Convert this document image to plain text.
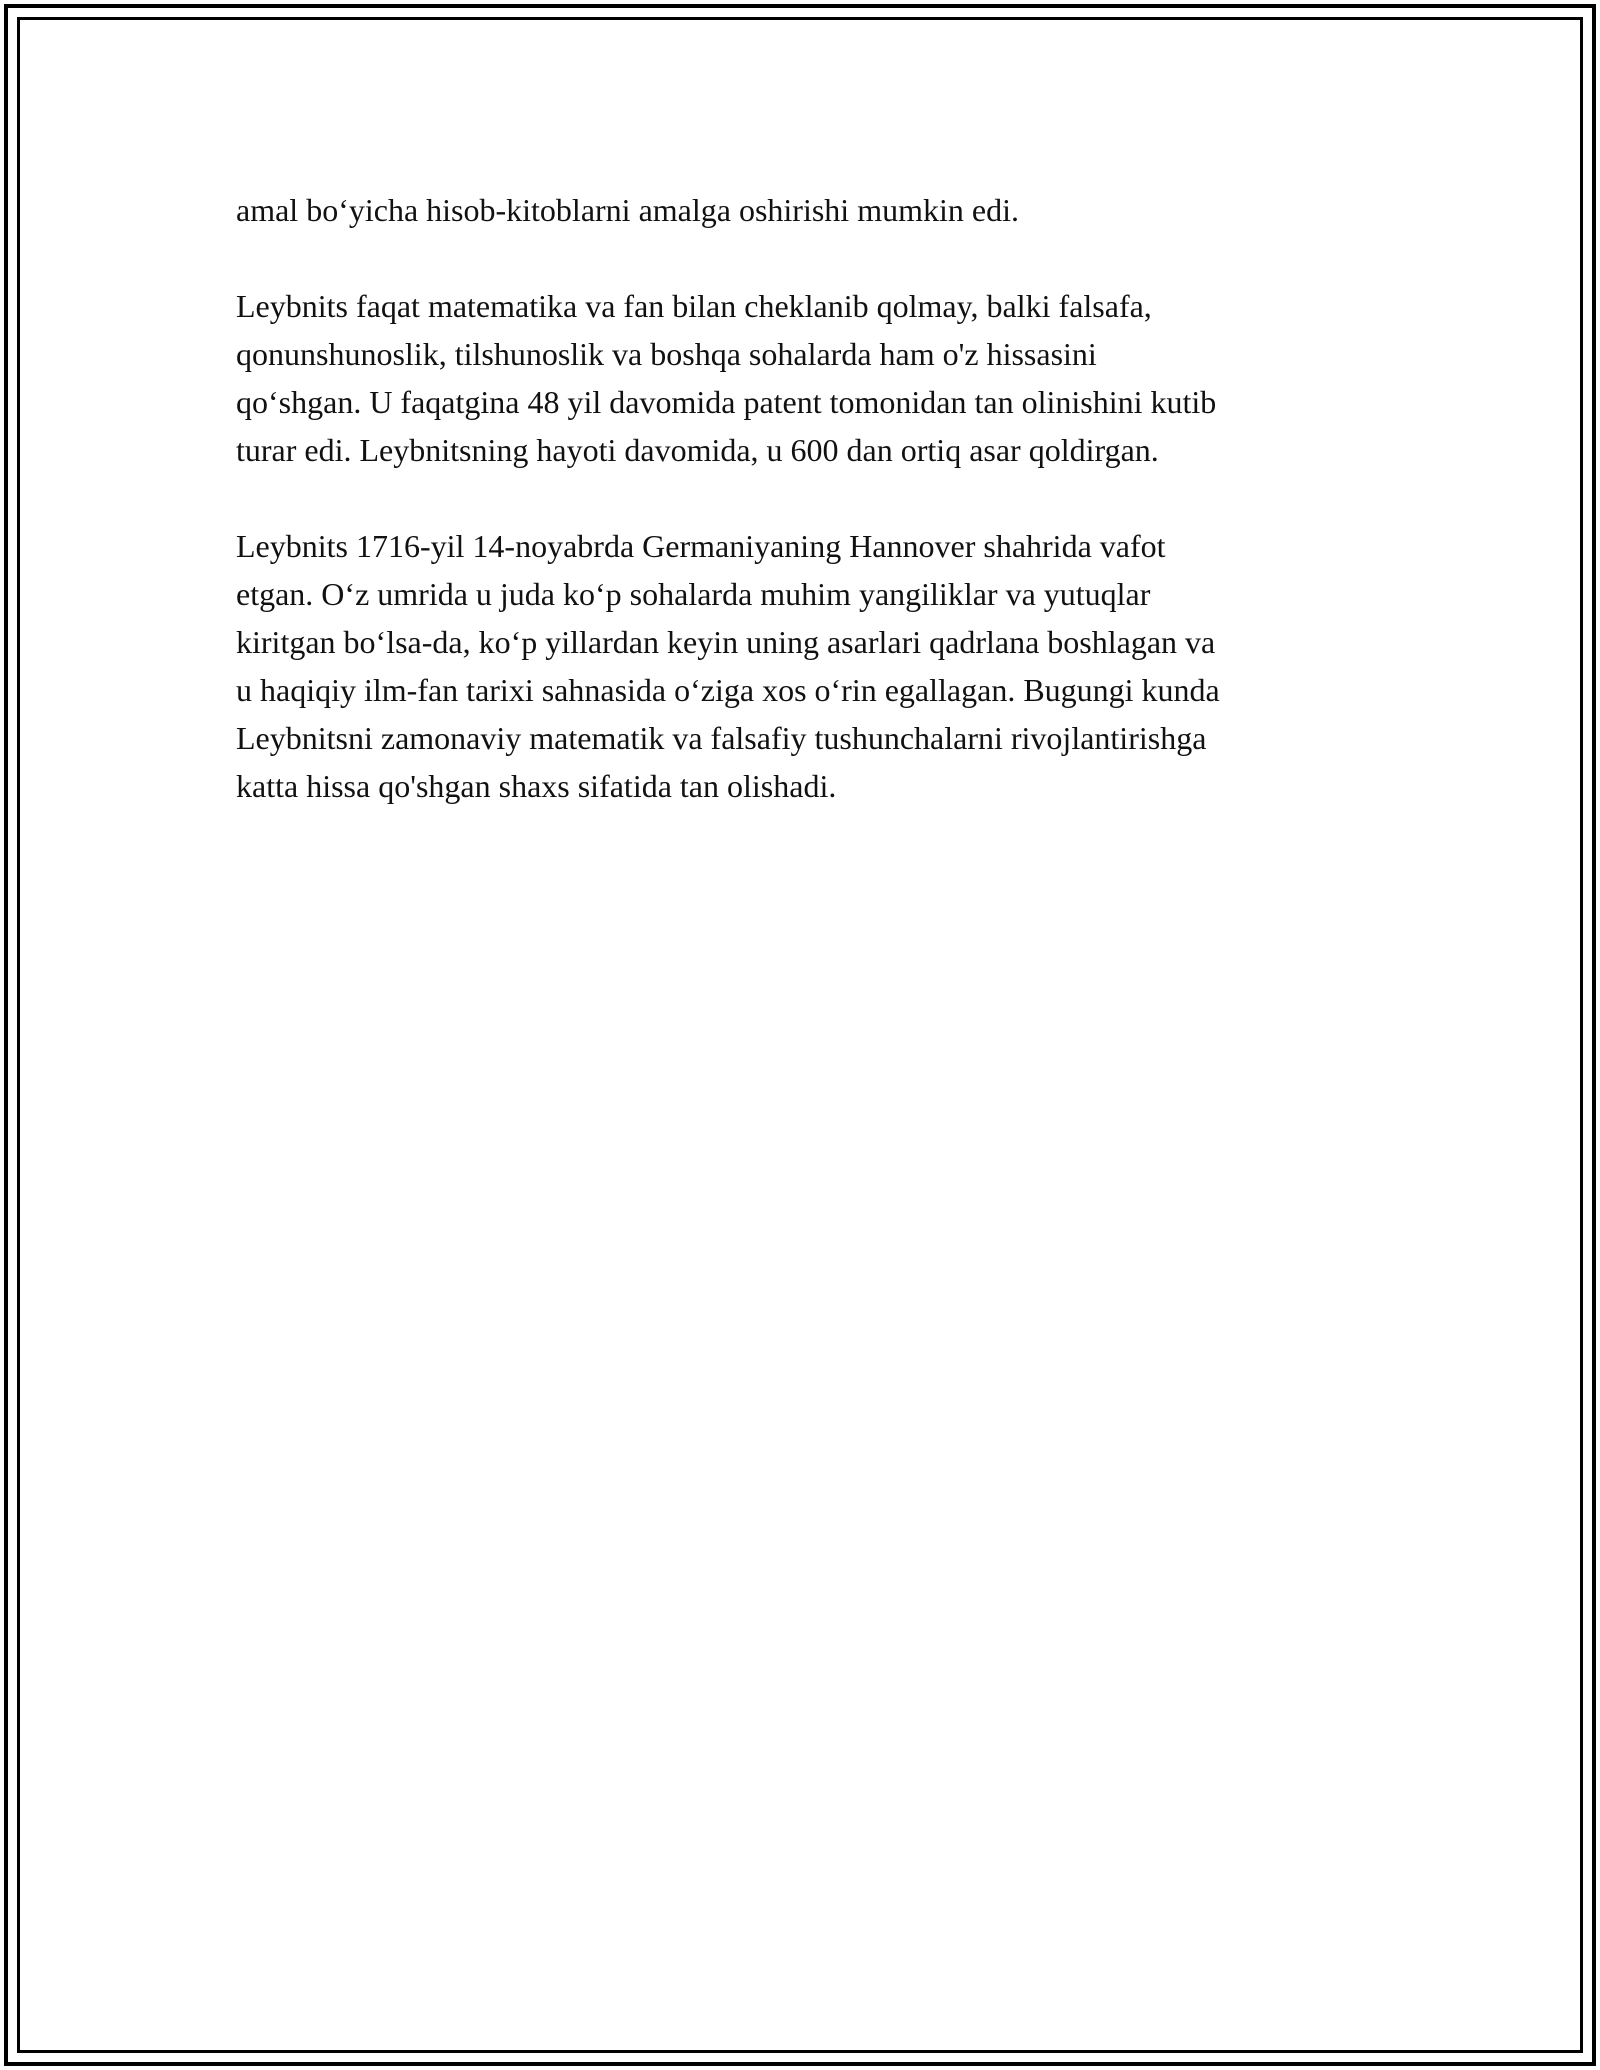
amal bo‘yicha hisob-kitoblarni amalga oshirishi mumkin edi.

Leybnits faqat matematika va fan bilan cheklanib qolmay, balki falsafa,
qonunshunoslik, tilshunoslik va boshqa sohalarda ham o'z hissasini
qo‘shgan. U faqatgina 48 yil davomida patent tomonidan tan olinishini kutib
turar edi. Leybnitsning hayoti davomida, u 600 dan ortiq asar qoldirgan.

Leybnits 1716-yil 14-noyabrda Germaniyaning Hannover shahrida vafot
etgan. O‘z umrida u juda ko‘p sohalarda muhim yangiliklar va yutuqlar
kiritgan bo‘lsa-da, ko‘p yillardan keyin uning asarlari qadrlana boshlagan va
u haqiqiy ilm-fan tarixi sahnasida o‘ziga xos o‘rin egallagan. Bugungi kunda
Leybnitsni zamonaviy matematik va falsafiy tushunchalarni rivojlantirishga
katta hissa qo'shgan shaxs sifatida tan olishadi.
